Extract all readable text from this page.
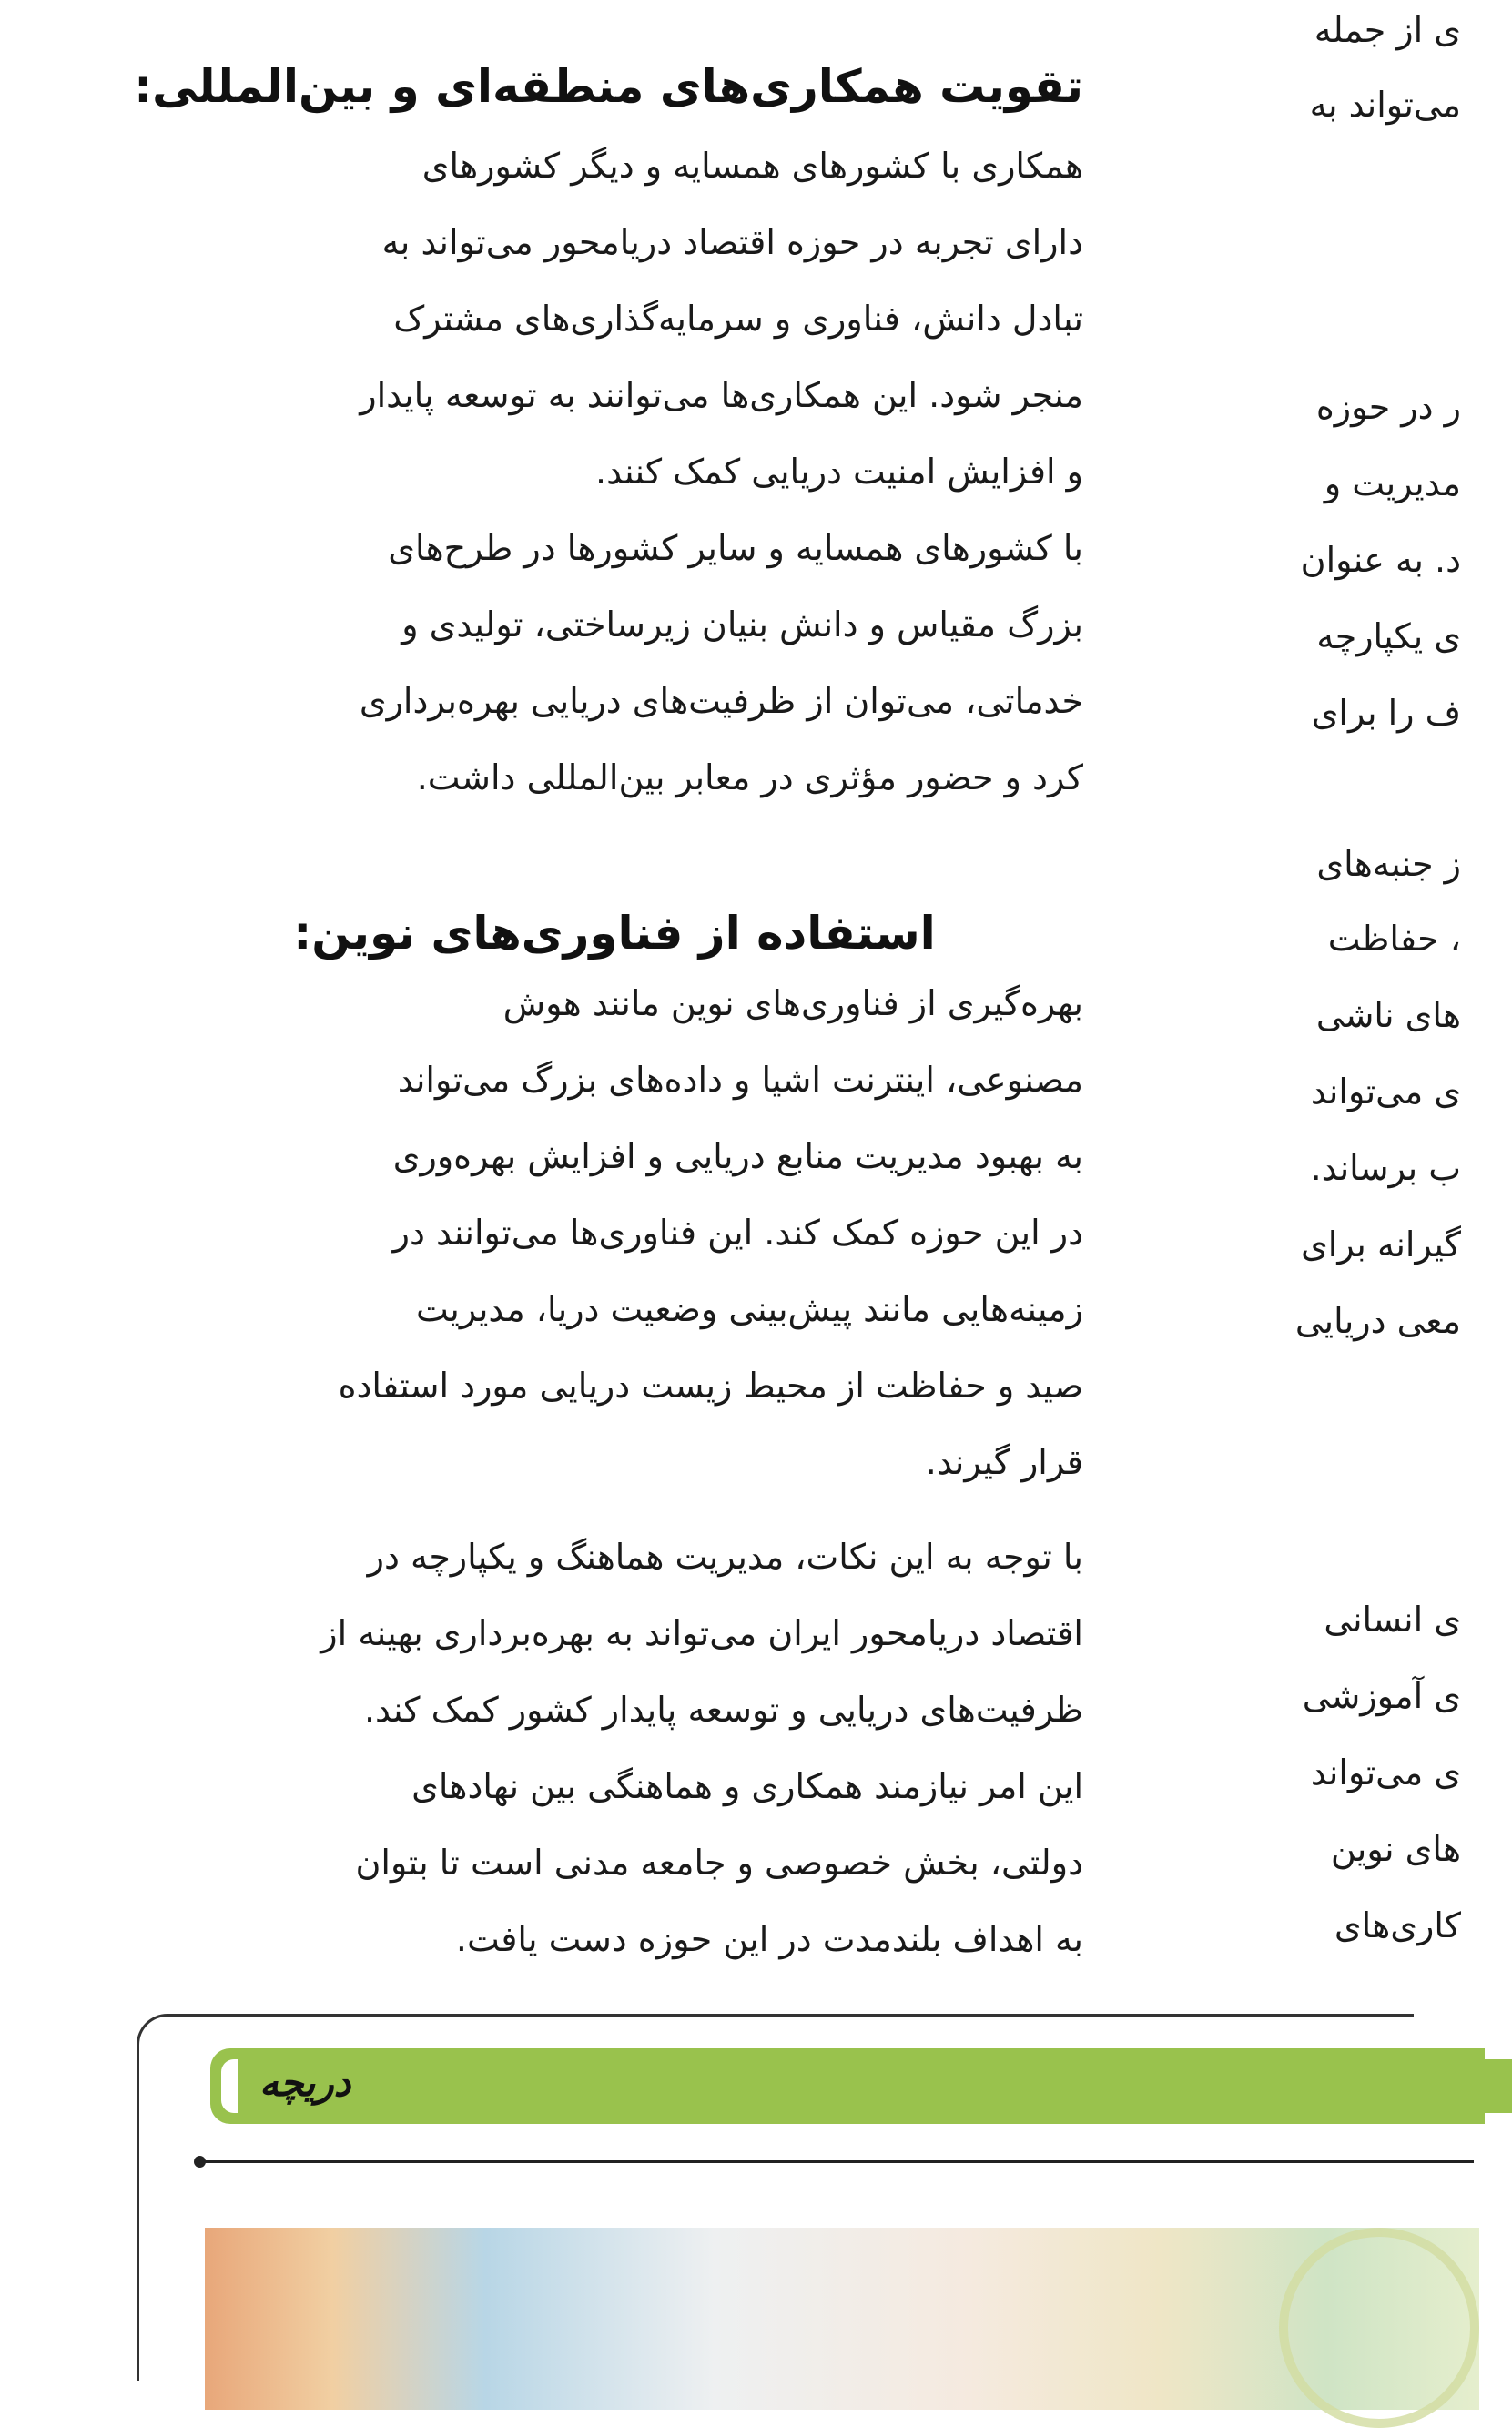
ی از جمله
می‌تواند به
ر در حوزه
مدیریت و
د. به عنوان
ی یکپارچه
ف را برای
ز جنبه‌های
، حفاظت
های ناشی
ی می‌تواند
ب برساند.
گیرانه برای
معی دریایی
ی انسانی
ی آموزشی
ی می‌تواند
های نوین
کاری‌های
تقویت همکاری‌های منطقه‌ای و بین‌المللی:
همکاری با کشورهای همسایه و دیگر کشورهای
دارای تجربه در حوزه اقتصاد دریامحور می‌تواند به
تبادل دانش، فناوری و سرمایه‌گذاری‌های مشترک
منجر شود. این همکاری‌ها می‌توانند به توسعه پایدار
و افزایش امنیت دریایی کمک کنند.
با کشورهای همسایه و سایر کشورها در طرح‌های
بزرگ مقیاس و دانش بنیان زیرساختی، تولیدی و
خدماتی، می‌توان از ظرفیت‌های دریایی بهره‌برداری
کرد و حضور مؤثری در معابر بین‌المللی داشت.
استفاده از فناوری‌های نوین:
بهره‌گیری از فناوری‌های نوین مانند هوش
مصنوعی، اینترنت اشیا و داده‌های بزرگ می‌تواند
به بهبود مدیریت منابع دریایی و افزایش بهره‌وری
در این حوزه کمک کند. این فناوری‌ها می‌توانند در
زمینه‌هایی مانند پیش‌بینی وضعیت دریا، مدیریت
صید و حفاظت از محیط زیست دریایی مورد استفاده
قرار گیرند.
با توجه به این نکات، مدیریت هماهنگ و یکپارچه در
اقتصاد دریامحور ایران می‌تواند به بهره‌برداری بهینه از
ظرفیت‌های دریایی و توسعه پایدار کشور کمک کند.
این امر نیازمند همکاری و هماهنگی بین نهادهای
دولتی، بخش خصوصی و جامعه مدنی است تا بتوان
به اهداف بلندمدت در این حوزه دست یافت.
دریچه
